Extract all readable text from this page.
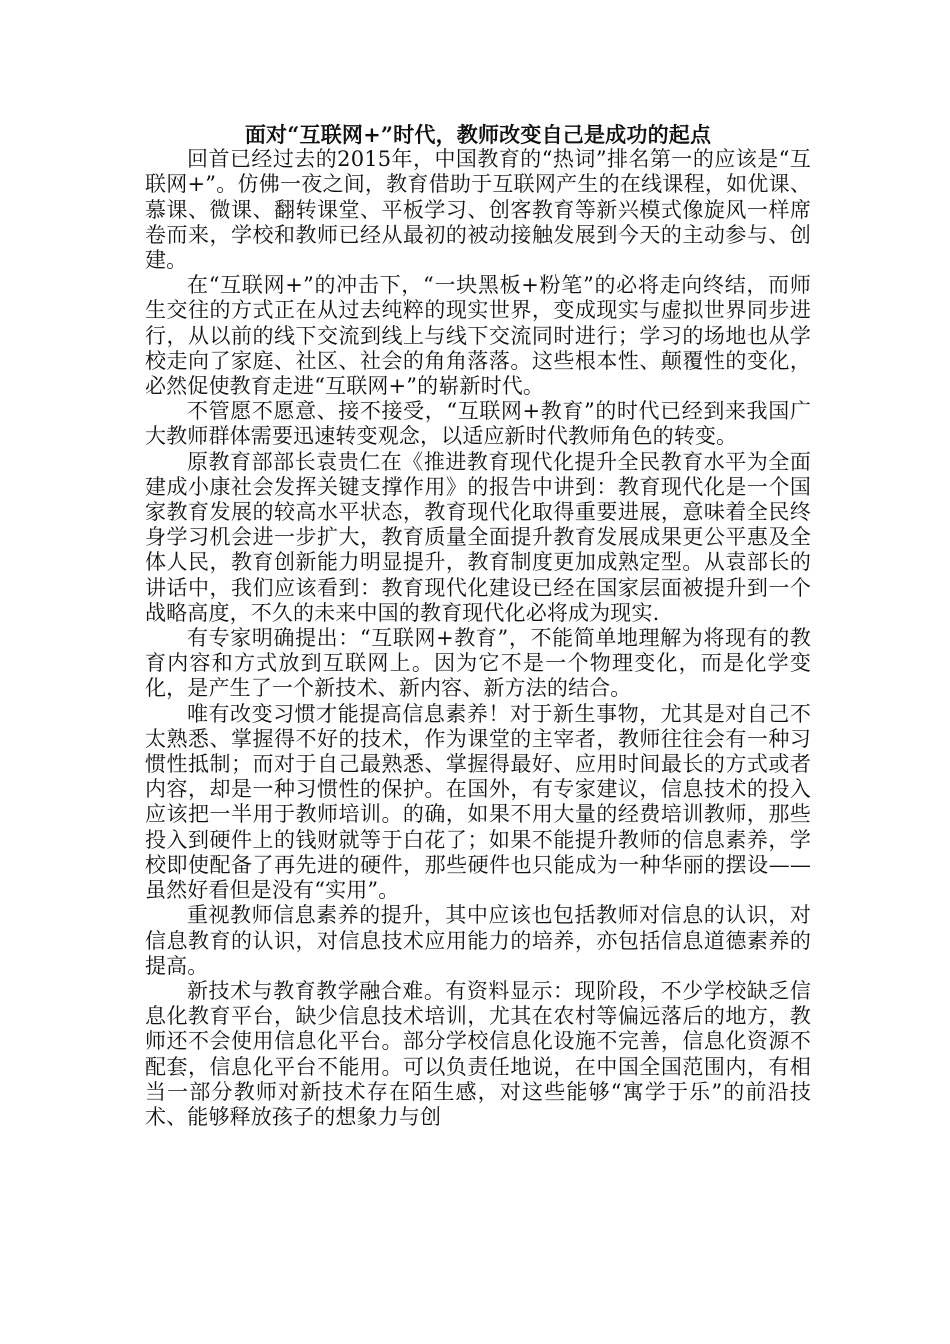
面对“互联网+”时代，教师改变自己是成功的起点

回首已经过去的2015年，中国教育的“热词”排名第一的应该是“互联网+”。仿佛一夜之间，教育借助于互联网产生的在线课程，如优课、慕课、微课、翻转课堂、平板学习、创客教育等新兴模式像旋风一样席卷而来，学校和教师已经从最初的被动接触发展到今天的主动参与、创建。

在“互联网+”的冲击下，“一块黑板+粉笔”的必将走向终结，而师生交往的方式正在从过去纯粹的现实世界，变成现实与虚拟世界同步进行，从以前的线下交流到线上与线下交流同时进行；学习的场地也从学校走向了家庭、社区、社会的角角落落。这些根本性、颠覆性的变化，必然促使教育走进“互联网+”的崭新时代。

不管愿不愿意、接不接受，“互联网+教育”的时代已经到来我国广大教师群体需要迅速转变观念，以适应新时代教师角色的转变。

原教育部部长袁贵仁在《推进教育现代化提升全民教育水平为全面建成小康社会发挥关键支撑作用》的报告中讲到：教育现代化是一个国家教育发展的较高水平状态，教育现代化取得重要进展，意味着全民终身学习机会进一步扩大，教育质量全面提升教育发展成果更公平惠及全体人民，教育创新能力明显提升，教育制度更加成熟定型。从袁部长的讲话中，我们应该看到：教育现代化建设已经在国家层面被提升到一个战略高度，不久的未来中国的教育现代化必将成为现实.

有专家明确提出：“互联网+教育”，不能简单地理解为将现有的教育内容和方式放到互联网上。因为它不是一个物理变化，而是化学变化，是产生了一个新技术、新内容、新方法的结合。

唯有改变习惯才能提高信息素养！对于新生事物，尤其是对自己不太熟悉、掌握得不好的技术，作为课堂的主宰者，教师往往会有一种习惯性抵制；而对于自己最熟悉、掌握得最好、应用时间最长的方式或者内容，却是一种习惯性的保护。在国外，有专家建议，信息技术的投入应该把一半用于教师培训。的确，如果不用大量的经费培训教师，那些投入到硬件上的钱财就等于白花了；如果不能提升教师的信息素养，学校即使配备了再先进的硬件，那些硬件也只能成为一种华丽的摆设——虽然好看但是没有“实用”。

重视教师信息素养的提升，其中应该也包括教师对信息的认识，对信息教育的认识，对信息技术应用能力的培养，亦包括信息道德素养的提高。

新技术与教育教学融合难。有资料显示：现阶段，不少学校缺乏信息化教育平台，缺少信息技术培训，尤其在农村等偏远落后的地方，教师还不会使用信息化平台。部分学校信息化设施不完善，信息化资源不配套，信息化平台不能用。可以负责任地说，在中国全国范围内，有相当一部分教师对新技术存在陌生感，对这些能够“寓学于乐”的前沿技术、能够释放孩子的想象力与创
